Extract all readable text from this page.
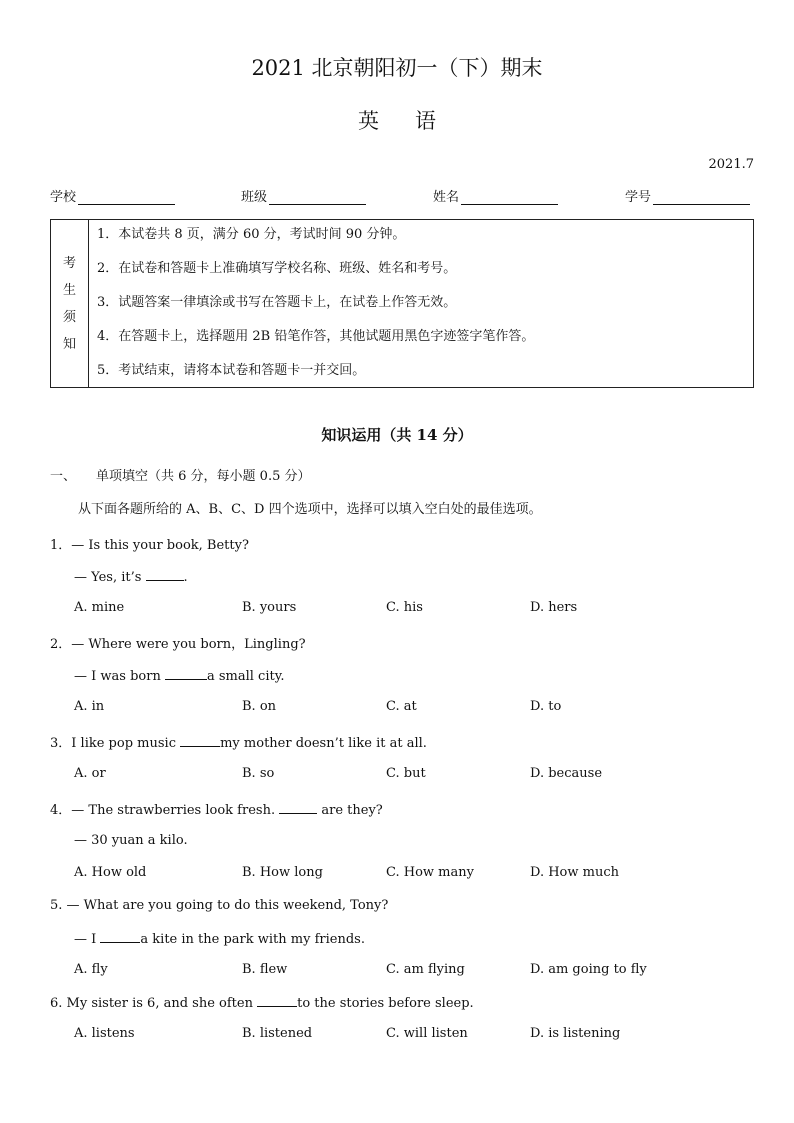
2021 北京朝阳初一（下）期末
英语
2021.7
学校	班级	姓名	学号
考
生
须
知
1．本试卷共 8 页，满分 60 分，考试时间 90 分钟。
2．在试卷和答题卡上准确填写学校名称、班级、姓名和考号。
3．试题答案一律填涂或书写在答题卡上，在试卷上作答无效。
4．在答题卡上，选择题用 2B 铅笔作答，其他试题用黑色字迹签字笔作答。
5．考试结束，请将本试卷和答题卡一并交回。
知识运用（共 14 分）
一、 单项填空（共 6 分，每小题 0.5 分）
从下面各题所给的 A、B、C、D 四个选项中，选择可以填入空白处的最佳选项。
1．— Is this your book, Betty?
— Yes, it’s	.
A. mine	B. yours	C. his	D. hers
2．— Where were you born，Lingling?
— I was born	a small city.
A. in	B. on	C. at	D. to
3．I like pop music	my mother doesn’t like it at all.
A. or	B. so	C. but	D. because
4．— The strawberries look fresh.	are they?
— 30 yuan a kilo.
A. How old	B. How long	C. How many	D. How much
5. — What are you going to do this weekend, Tony?
— I	a kite in the park with my friends.
A. fly	B. flew	C. am flying	D. am going to fly
6. My sister is 6, and she often	to the stories before sleep.
A. listens	B. listened	C. will listen	D. is listening
